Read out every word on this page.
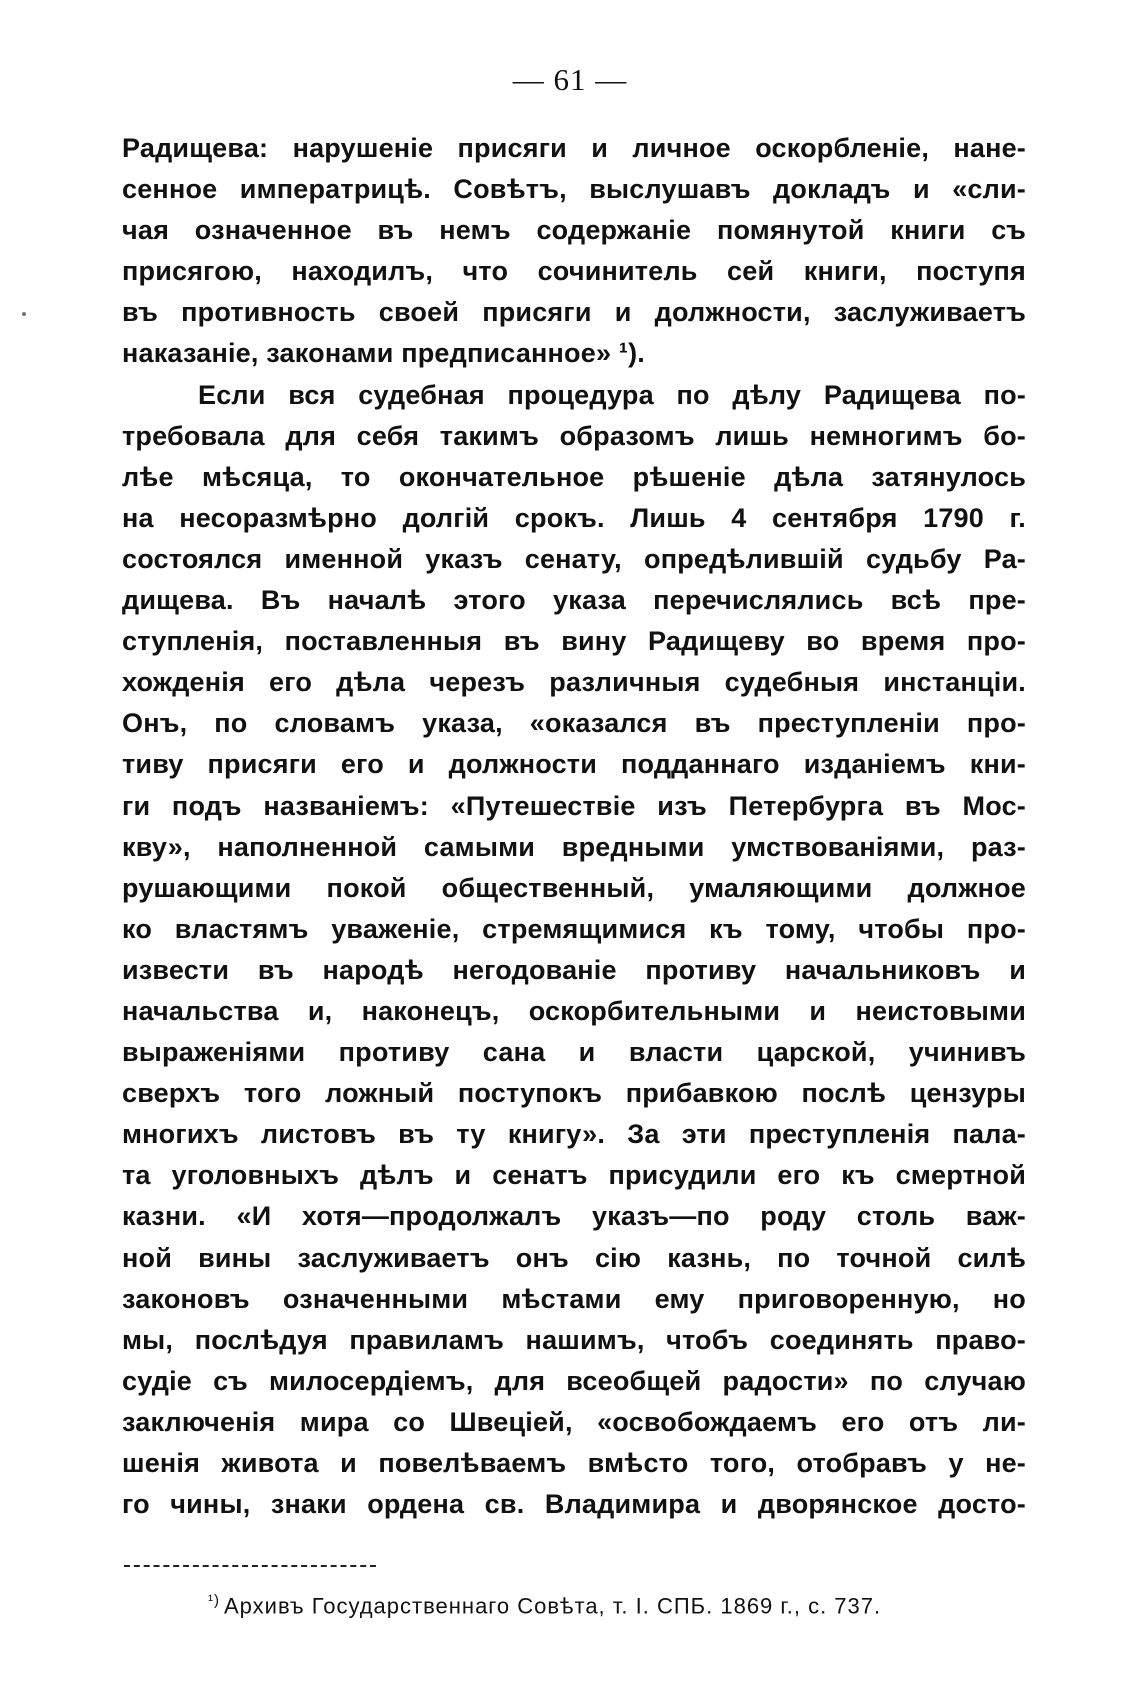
— 61 —
Радищева: нарушеніе присяги и личное оскорбленіе, нане-
сенное императрицѣ. Совѣтъ, выслушавъ докладъ и «сли-
чая означенное въ немъ содержаніе помянутой книги съ
присягою, находилъ, что сочинитель сей книги, поступя
въ противность своей присяги и должности, заслуживаетъ
наказаніе, законами предписанное» ¹).
Если вся судебная процедура по дѣлу Радищева по-
требовала для себя такимъ образомъ лишь немногимъ бо-
лѣе мѣсяца, то окончательное рѣшеніе дѣла затянулось
на несоразмѣрно долгій срокъ. Лишь 4 сентября 1790 г.
состоялся именной указъ сенату, опредѣлившій судьбу Ра-
дищева. Въ началѣ этого указа перечислялись всѣ пре-
ступленія, поставленныя въ вину Радищеву во время про-
хожденія его дѣла черезъ различныя судебныя инстанціи.
Онъ, по словамъ указа, «оказался въ преступленіи про-
тиву присяги его и должности подданнаго изданіемъ кни-
ги подъ названіемъ: «Путешествіе изъ Петербурга въ Мос-
кву», наполненной самыми вредными умствованіями, раз-
рушающими покой общественный, умаляющими должное
ко властямъ уваженіе, стремящимися къ тому, чтобы про-
извести въ народѣ негодованіе противу начальниковъ и
начальства и, наконецъ, оскорбительными и неистовыми
выраженіями противу сана и власти царской, учинивъ
сверхъ того ложный поступокъ прибавкою послѣ цензуры
многихъ листовъ въ ту книгу». За эти преступленія пала-
та уголовныхъ дѣлъ и сенатъ присудили его къ смертной
казни. «И хотя—продолжалъ указъ—по роду столь важ-
ной вины заслуживаетъ онъ сію казнь, по точной силѣ
законовъ означенными мѣстами ему приговоренную, но
мы, послѣдуя правиламъ нашимъ, чтобъ соединять право-
судіе съ милосердіемъ, для всеобщей радости» по случаю
заключенія мира со Швеціей, «освобождаемъ его отъ ли-
шенія живота и повелѣваемъ вмѣсто того, отобравъ у не-
го чины, знаки ордена св. Владимира и дворянское досто-
$^{^1)}$ Архивъ Государственнаго Совѣта, т. I. СПБ. 1869 г., с. 737.
